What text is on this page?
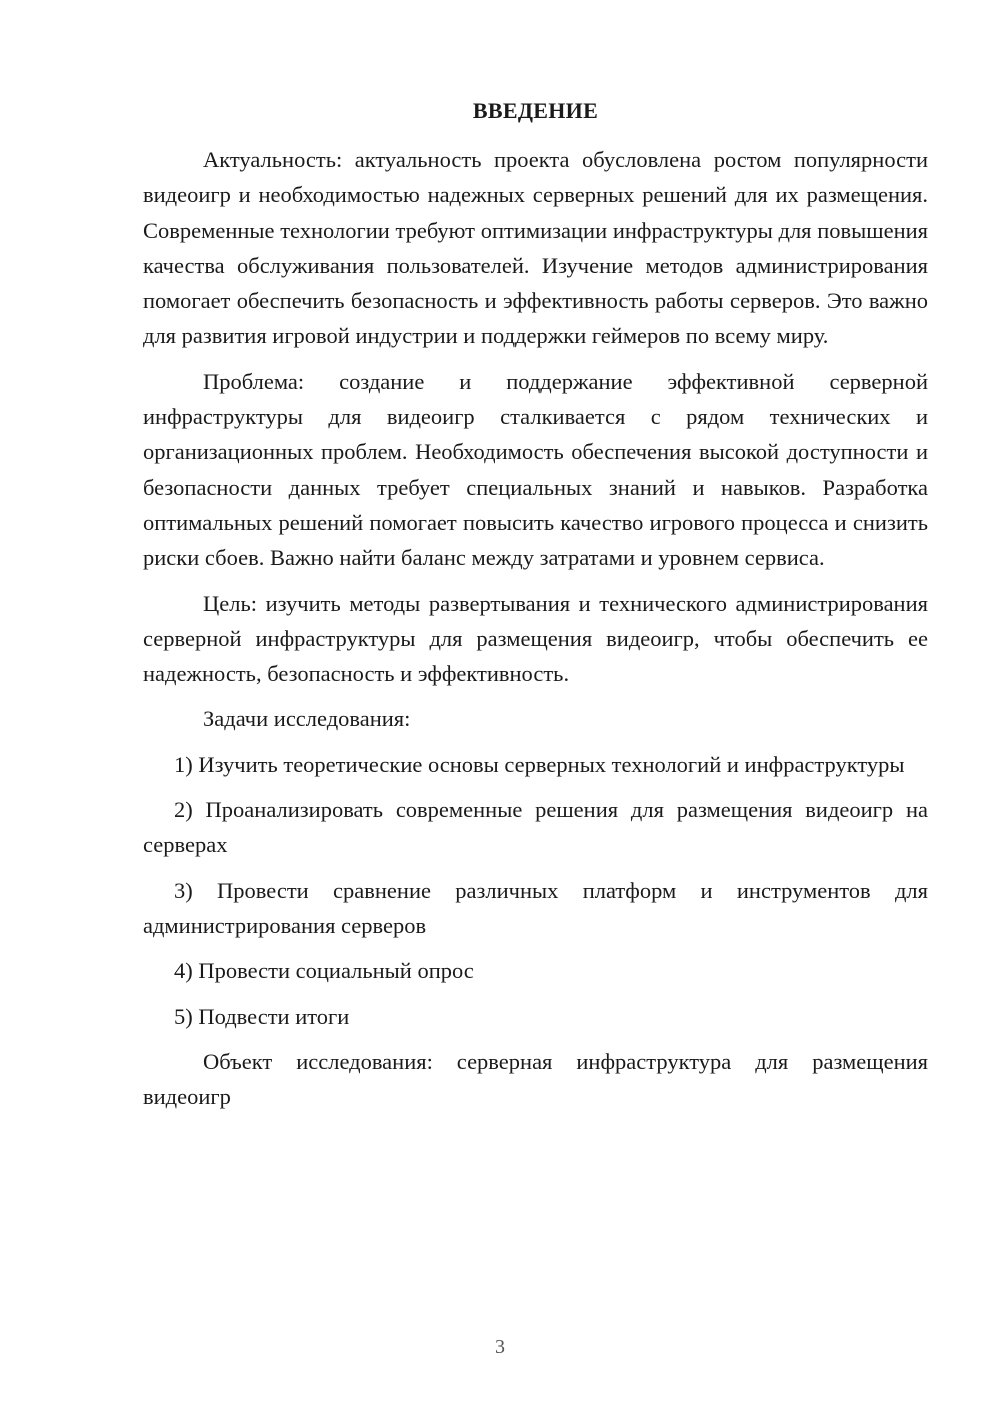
ВВЕДЕНИЕ

Актуальность: актуальность проекта обусловлена ростом популярности видеоигр и необходимостью надежных серверных решений для их размещения. Современные технологии требуют оптимизации инфраструктуры для повышения качества обслуживания пользователей. Изучение методов администрирования помогает обеспечить безопасность и эффективность работы серверов. Это важно для развития игровой индустрии и поддержки геймеров по всему миру.

Проблема: создание и поддержание эффективной серверной инфраструктуры для видеоигр сталкивается с рядом технических и организационных проблем. Необходимость обеспечения высокой доступности и безопасности данных требует специальных знаний и навыков. Разработка оптимальных решений помогает повысить качество игрового процесса и снизить риски сбоев. Важно найти баланс между затратами и уровнем сервиса.

Цель: изучить методы развертывания и технического администрирования серверной инфраструктуры для размещения видеоигр, чтобы обеспечить ее надежность, безопасность и эффективность.

Задачи исследования:

1) Изучить теоретические основы серверных технологий и инфраструктуры

2) Проанализировать современные решения для размещения видеоигр на серверах

3) Провести сравнение различных платформ и инструментов для администрирования серверов

4) Провести социальный опрос

5) Подвести итоги

Объект исследования: серверная инфраструктура для размещения видеоигр

3
